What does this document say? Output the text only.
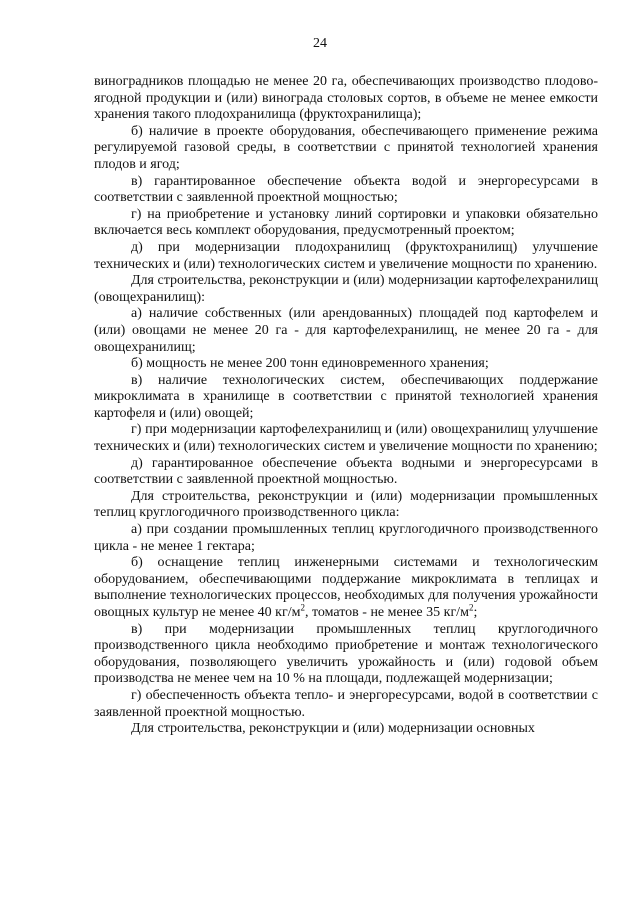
24

виноградников площадью не менее 20 га, обеспечивающих производство плодово-ягодной продукции и (или) винограда столовых сортов, в объеме не менее емкости хранения такого плодохранилища (фруктохранилища);

б) наличие в проекте оборудования, обеспечивающего применение режима регулируемой газовой среды, в соответствии с принятой технологией хранения плодов и ягод;

в) гарантированное обеспечение объекта водой и энергоресурсами в соответствии с заявленной проектной мощностью;

г) на приобретение и установку линий сортировки и упаковки обязательно включается весь комплект оборудования, предусмотренный проектом;

д) при модернизации плодохранилищ (фруктохранилищ) улучшение технических и (или) технологических систем и увеличение мощности по хранению.

Для строительства, реконструкции и (или) модернизации картофелехранилищ (овощехранилищ):

а) наличие собственных (или арендованных) площадей под картофелем и (или) овощами не менее 20 га - для картофелехранилищ, не менее 20 га - для овощехранилищ;

б) мощность не менее 200 тонн единовременного хранения;

в) наличие технологических систем, обеспечивающих поддержание микроклимата в хранилище в соответствии с принятой технологией хранения картофеля и (или) овощей;

г) при модернизации картофелехранилищ и (или) овощехранилищ улучшение технических и (или) технологических систем и увеличение мощности по хранению;

д) гарантированное обеспечение объекта водными и энергоресурсами в соответствии с заявленной проектной мощностью.

Для строительства, реконструкции и (или) модернизации промышленных теплиц круглогодичного производственного цикла:

а) при создании промышленных теплиц круглогодичного производственного цикла - не менее 1 гектара;

б) оснащение теплиц инженерными системами и технологическим оборудованием, обеспечивающими поддержание микроклимата в теплицах и выполнение технологических процессов, необходимых для получения урожайности овощных культур не менее 40 $кг/м^2$, томатов - не менее 35 $кг/м^2$;

в) при модернизации промышленных теплиц круглогодичного производственного цикла необходимо приобретение и монтаж технологического оборудования, позволяющего увеличить урожайность и (или) годовой объем производства не менее чем на 10 % на площади, подлежащей модернизации;

г) обеспеченность объекта тепло- и энергоресурсами, водой в соответствии с заявленной проектной мощностью.

Для строительства, реконструкции и (или) модернизации основных
